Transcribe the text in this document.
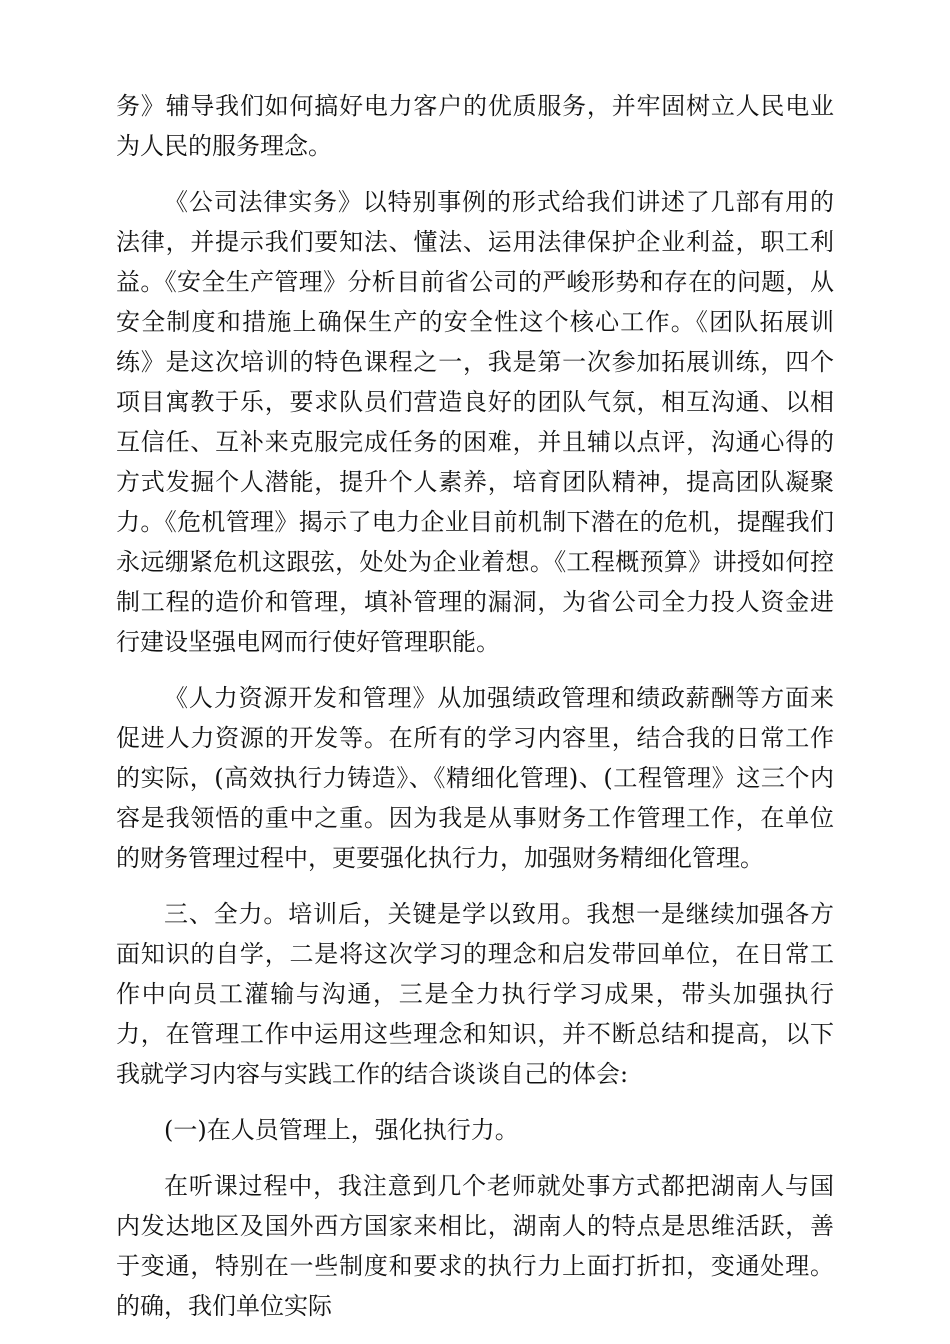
务》辅导我们如何搞好电力客户的优质服务，并牢固树立人民电业为人民的服务理念。

《公司法律实务》以特别事例的形式给我们讲述了几部有用的法律，并提示我们要知法、懂法、运用法律保护企业利益，职工利益。《安全生产管理》分析目前省公司的严峻形势和存在的问题，从安全制度和措施上确保生产的安全性这个核心工作。《团队拓展训练》是这次培训的特色课程之一，我是第一次参加拓展训练，四个项目寓教于乐，要求队员们营造良好的团队气氛，相互沟通、以相互信任、互补来克服完成任务的困难，并且辅以点评，沟通心得的方式发掘个人潜能，提升个人素养，培育团队精神，提高团队凝聚力。《危机管理》揭示了电力企业目前机制下潜在的危机，提醒我们永远绷紧危机这跟弦，处处为企业着想。《工程概预算》讲授如何控制工程的造价和管理，填补管理的漏洞，为省公司全力投人资金进行建设坚强电网而行使好管理职能。

《人力资源开发和管理》从加强绩政管理和绩政薪酬等方面来促进人力资源的开发等。在所有的学习内容里，结合我的日常工作的实际，(高效执行力铸造》、《精细化管理)、(工程管理》这三个内容是我领悟的重中之重。因为我是从事财务工作管理工作，在单位的财务管理过程中，更要强化执行力，加强财务精细化管理。

三、全力。培训后，关键是学以致用。我想一是继续加强各方面知识的自学，二是将这次学习的理念和启发带回单位，在日常工作中向员工灌输与沟通，三是全力执行学习成果，带头加强执行力，在管理工作中运用这些理念和知识，并不断总结和提高，以下我就学习内容与实践工作的结合谈谈自己的体会:

(一)在人员管理上，强化执行力。

在听课过程中，我注意到几个老师就处事方式都把湖南人与国内发达地区及国外西方国家来相比，湖南人的特点是思维活跃，善于变通，特别在一些制度和要求的执行力上面打折扣，变通处理。的确，我们单位实际
